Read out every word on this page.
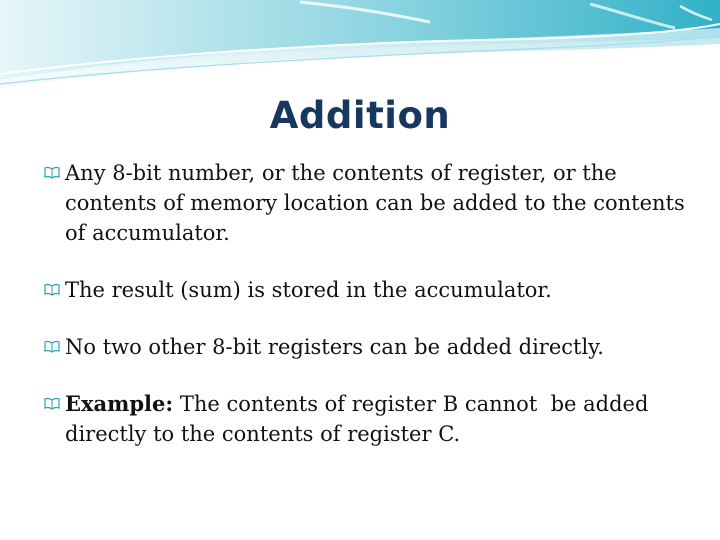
Addition
Any 8-bit number, or the contents of register, or the contents of memory location can be added to the contents of accumulator.
The result (sum) is stored in the accumulator.
No two other 8-bit registers can be added directly.
Example: The contents of register B cannot  be added directly to the contents of register C.
